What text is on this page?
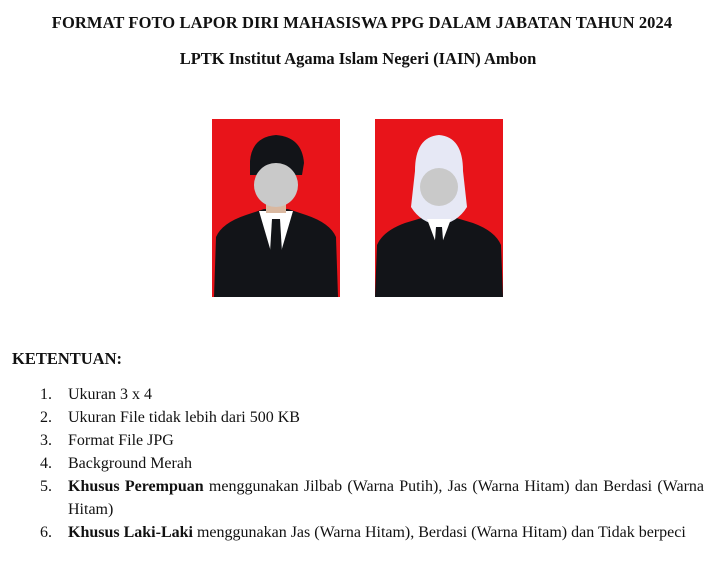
FORMAT FOTO LAPOR DIRI MAHASISWA PPG DALAM JABATAN TAHUN 2024
LPTK Institut Agama Islam Negeri (IAIN) Ambon
KETENTUAN:
1. Ukuran 3 x 4
2. Ukuran File tidak lebih dari 500 KB
3. Format File JPG
4. Background Merah
5. Khusus Perempuan menggunakan Jilbab (Warna Putih), Jas (Warna Hitam) dan Berdasi (Warna Hitam)
6. Khusus Laki-Laki menggunakan Jas (Warna Hitam), Berdasi (Warna Hitam) dan Tidak berpeci
